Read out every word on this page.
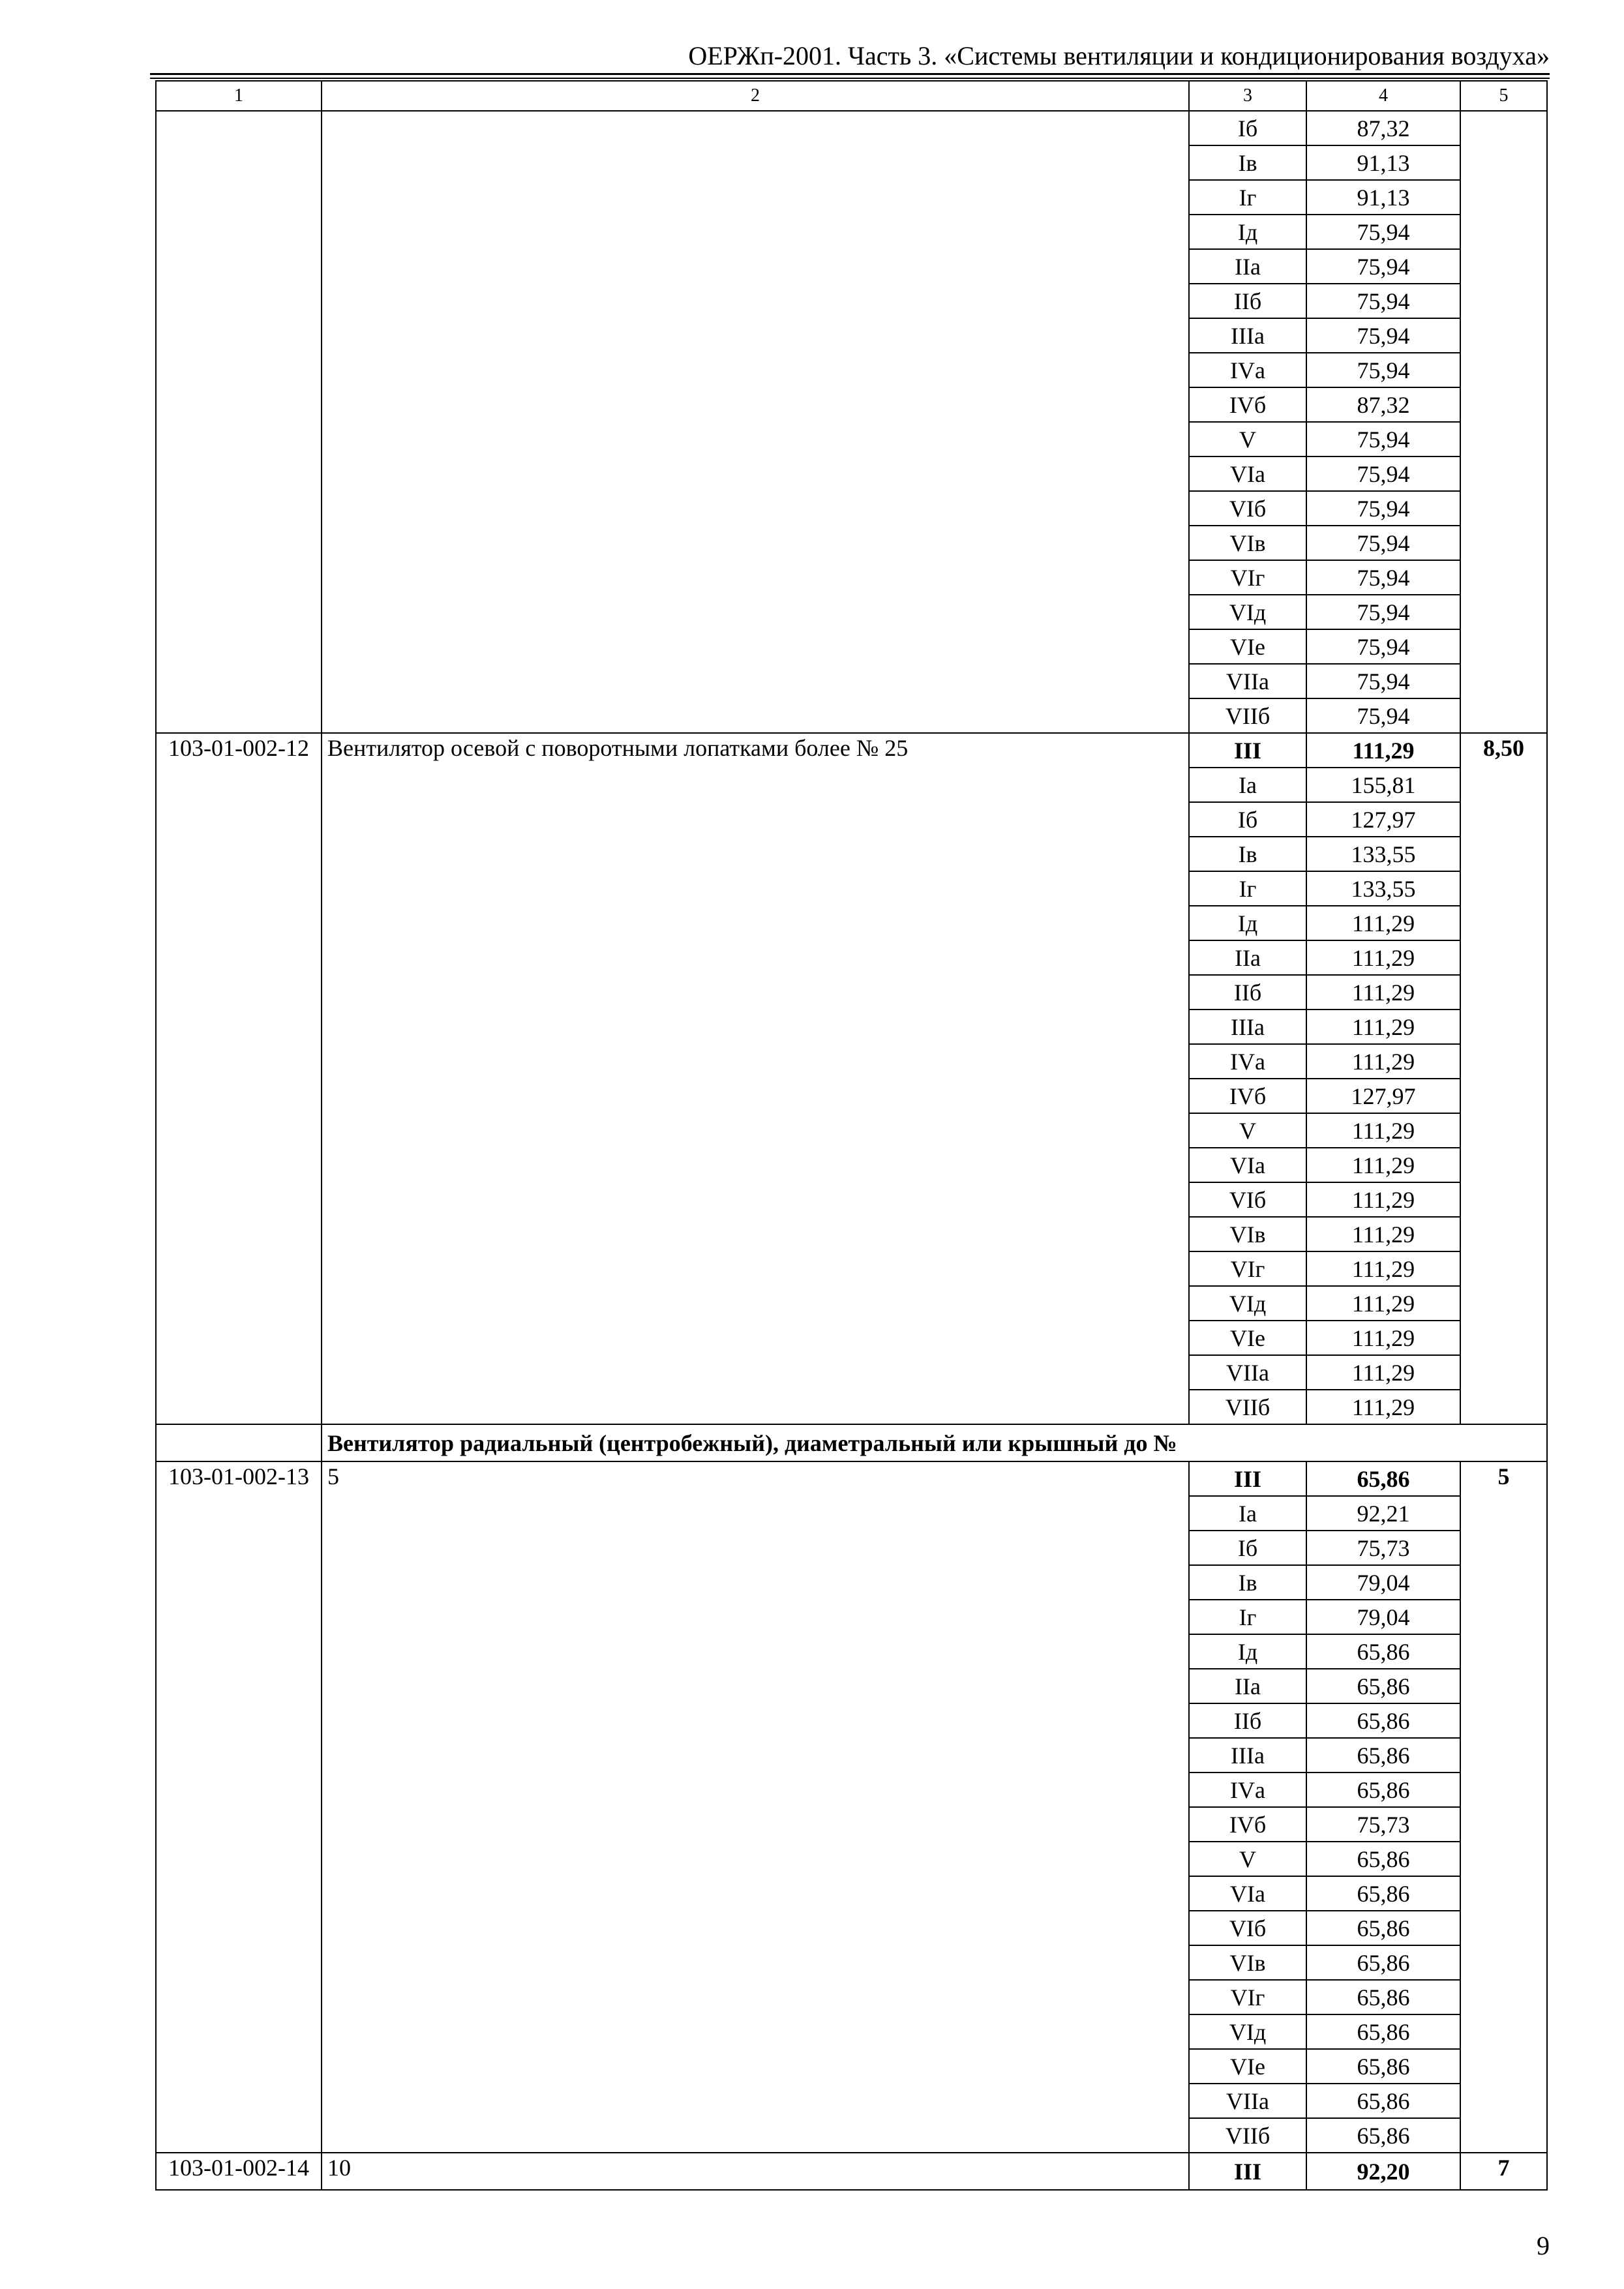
ОЕРЖп-2001. Часть 3. «Системы вентиляции и кондиционирования воздуха»
1	2	3	4	5
		Iб	87,32	
		Iв	91,13	
		Iг	91,13	
		Iд	75,94	
		IIа	75,94	
		IIб	75,94	
		IIIа	75,94	
		IVа	75,94	
		IVб	87,32	
		V	75,94	
		VIа	75,94	
		VIб	75,94	
		VIв	75,94	
		VIг	75,94	
		VIд	75,94	
		VIе	75,94	
		VIIа	75,94	
		VIIб	75,94	
103-01-002-12	Вентилятор осевой с поворотными лопатками более № 25	III	111,29	8,50
		Iа	155,81	
		Iб	127,97	
		Iв	133,55	
		Iг	133,55	
		Iд	111,29	
		IIа	111,29	
		IIб	111,29	
		IIIа	111,29	
		IVа	111,29	
		IVб	127,97	
		V	111,29	
		VIа	111,29	
		VIб	111,29	
		VIв	111,29	
		VIг	111,29	
		VIд	111,29	
		VIе	111,29	
		VIIа	111,29	
		VIIб	111,29	
	Вентилятор радиальный (центробежный), диаметральный или крышный до №			
103-01-002-13	5	III	65,86	5
		Iа	92,21	
		Iб	75,73	
		Iв	79,04	
		Iг	79,04	
		Iд	65,86	
		IIа	65,86	
		IIб	65,86	
		IIIа	65,86	
		IVа	65,86	
		IVб	75,73	
		V	65,86	
		VIа	65,86	
		VIб	65,86	
		VIв	65,86	
		VIг	65,86	
		VIд	65,86	
		VIе	65,86	
		VIIа	65,86	
		VIIб	65,86	
103-01-002-14	10	III	92,20	7
9
